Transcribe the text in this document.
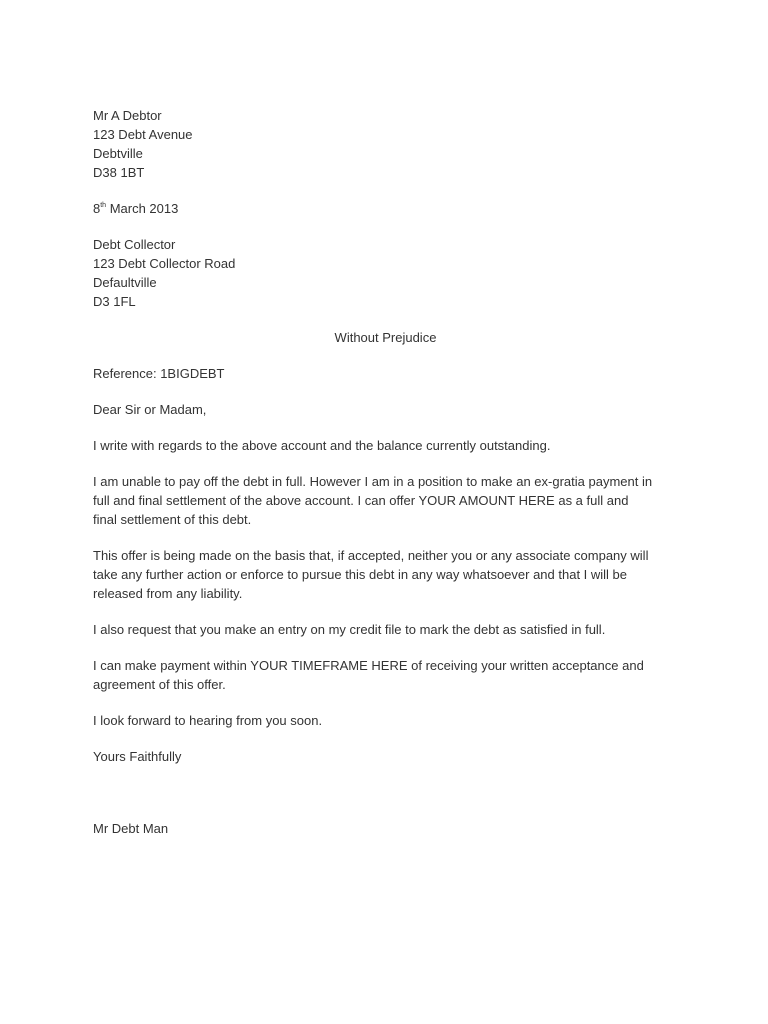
Mr A Debtor
123 Debt Avenue
Debtville
D38 1BT
8th March 2013
Debt Collector
123 Debt Collector Road
Defaultville
D3 1FL
Without Prejudice
Reference: 1BIGDEBT
Dear Sir or Madam,
I write with regards to the above account and the balance currently outstanding.
I am unable to pay off the debt in full. However I am in a position to make an ex-gratia payment in
full and final settlement of the above account. I can offer YOUR AMOUNT HERE as a full and
final settlement of this debt.
This offer is being made on the basis that, if accepted, neither you or any associate company will
take any further action or enforce to pursue this debt in any way whatsoever and that I will be
released from any liability.
I also request that you make an entry on my credit file to mark the debt as satisfied in full.
I can make payment within YOUR TIMEFRAME HERE of receiving your written acceptance and
agreement of this offer.
I look forward to hearing from you soon.
Yours Faithfully
Mr Debt Man
